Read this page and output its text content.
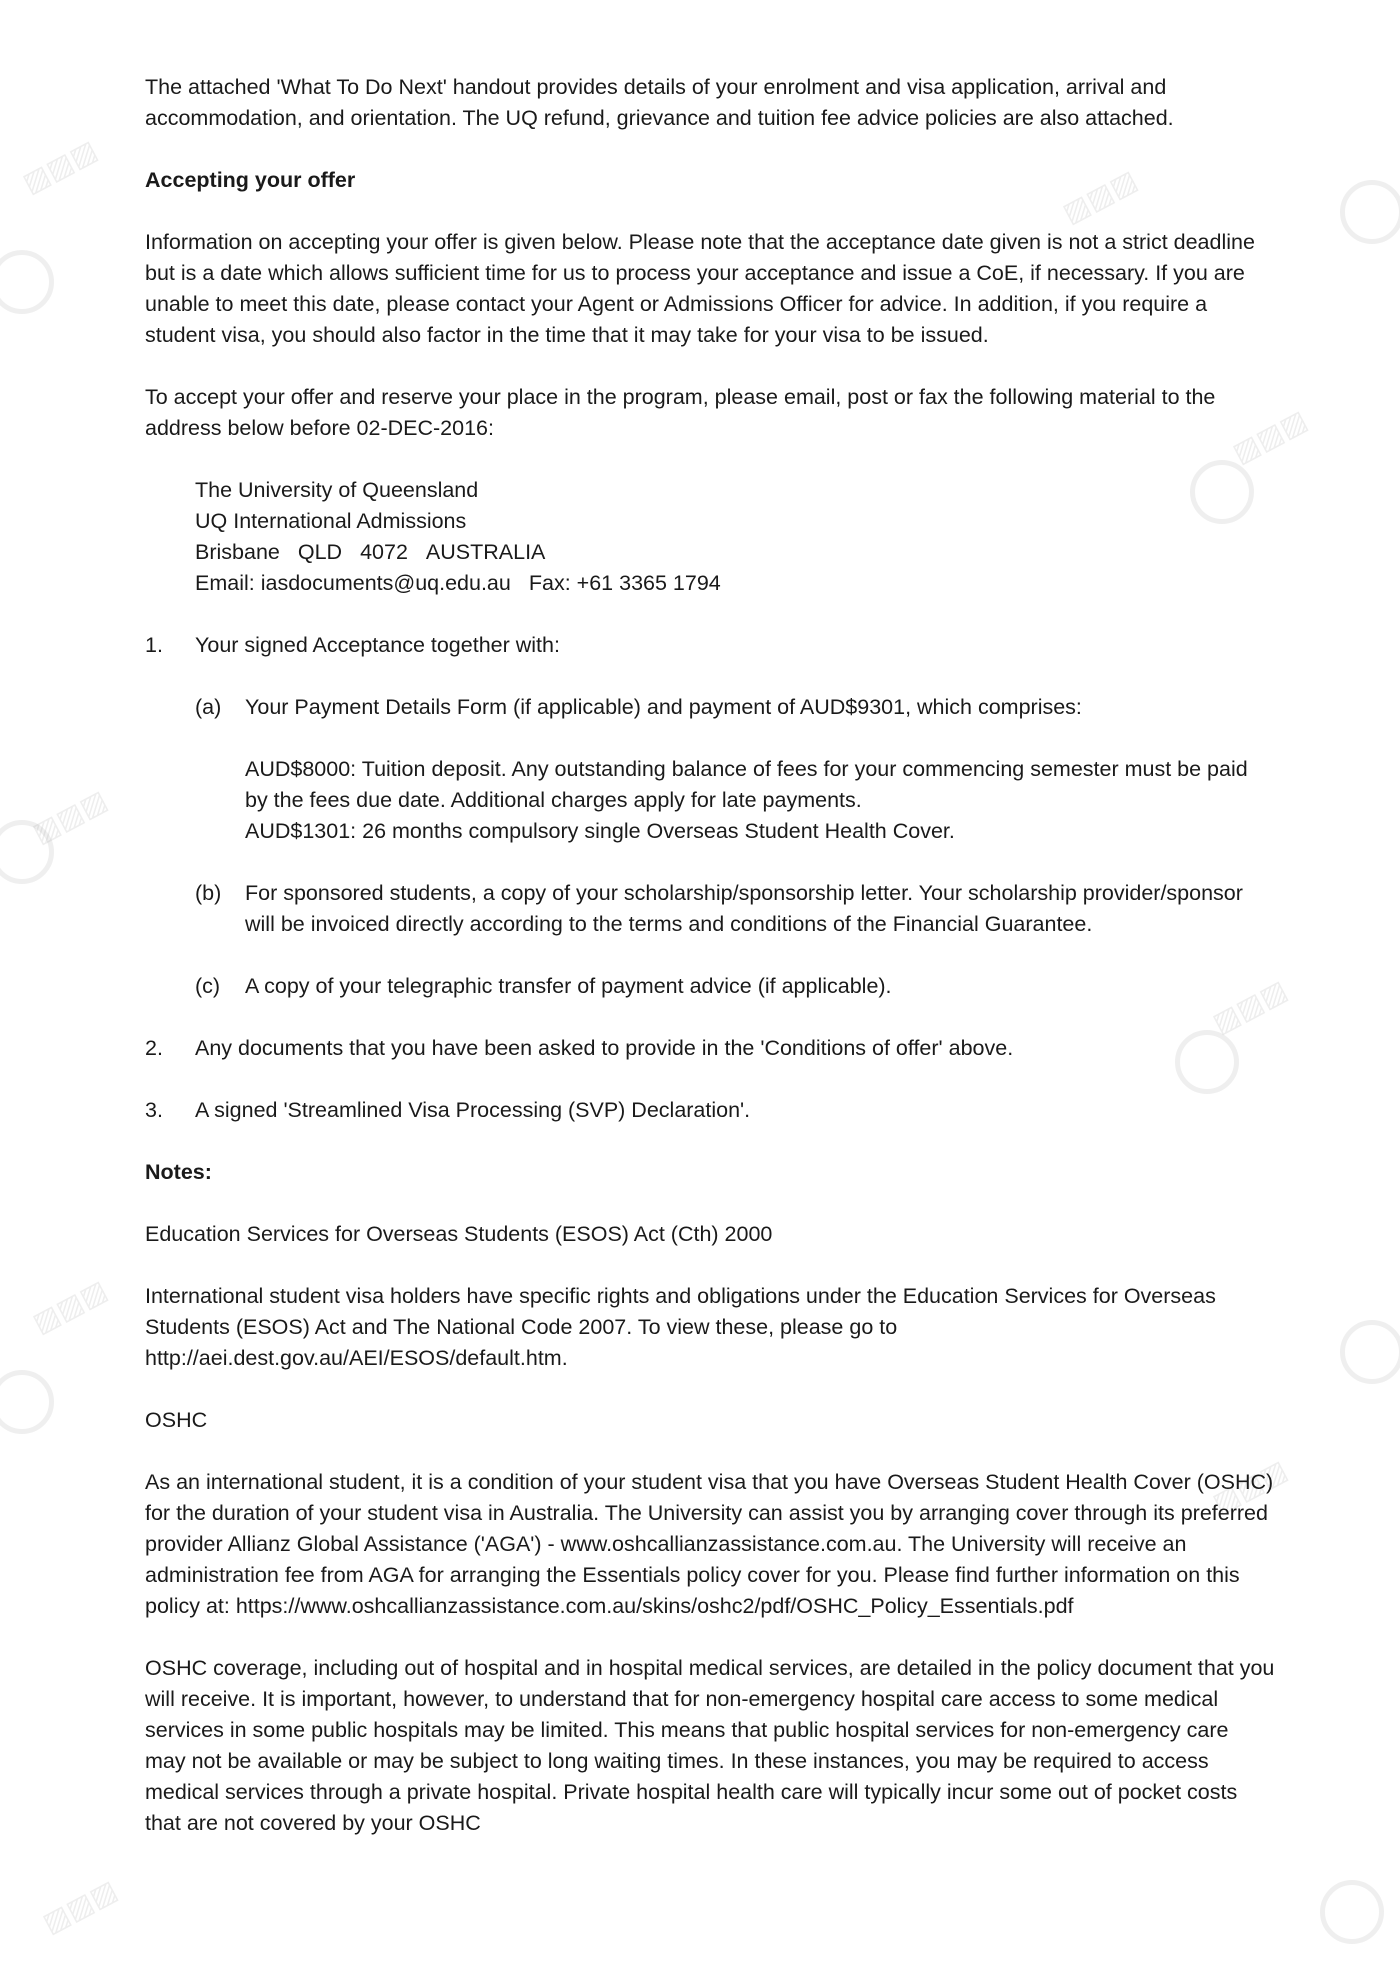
▨▨▨	▨▨▨
▨▨▨
▨▨▨
▨▨▨
▨▨▨
▨▨▨
▨▨▨

The attached 'What To Do Next' handout provides details of your enrolment and visa application, arrival and accommodation, and orientation. The UQ refund, grievance and tuition fee advice policies are also attached.

Accepting your offer

Information on accepting your offer is given below. Please note that the acceptance date given is not a strict deadline but is a date which allows sufficient time for us to process your acceptance and issue a CoE, if necessary. If you are unable to meet this date, please contact your Agent or Admissions Officer for advice. In addition, if you require a student visa, you should also factor in the time that it may take for your visa to be issued.

To accept your offer and reserve your place in the program, please email, post or fax the following material to the address below before 02-DEC-2016:

The University of Queensland
UQ International Admissions
Brisbane QLD 4072 AUSTRALIA
Email: iasdocuments@uq.edu.au Fax: +61 3365 1794
1.	Your signed Acceptance together with:
(a)	Your Payment Details Form (if applicable) and payment of AUD$9301, which comprises:

AUD$8000: Tuition deposit. Any outstanding balance of fees for your commencing semester must be paid by the fees due date. Additional charges apply for late payments.

AUD$1301: 26 months compulsory single Overseas Student Health Cover.

(b)	For sponsored students, a copy of your scholarship/sponsorship letter. Your scholarship provider/sponsor will be invoiced directly according to the terms and conditions of the Financial Guarantee.
(c)	A copy of your telegraphic transfer of payment advice (if applicable).
2.	Any documents that you have been asked to provide in the 'Conditions of offer' above.
3.	A signed 'Streamlined Visa Processing (SVP) Declaration'.

Notes:

Education Services for Overseas Students (ESOS) Act (Cth) 2000

International student visa holders have specific rights and obligations under the Education Services for Overseas Students (ESOS) Act and The National Code 2007. To view these, please go to http://aei.dest.gov.au/AEI/ESOS/default.htm.

OSHC

As an international student, it is a condition of your student visa that you have Overseas Student Health Cover (OSHC) for the duration of your student visa in Australia. The University can assist you by arranging cover through its preferred provider Allianz Global Assistance ('AGA') - www.oshcallianzassistance.com.au. The University will receive an administration fee from AGA for arranging the Essentials policy cover for you. Please find further information on this policy at: https://www.oshcallianzassistance.com.au/skins/oshc2/pdf/OSHC_Policy_Essentials.pdf

OSHC coverage, including out of hospital and in hospital medical services, are detailed in the policy document that you will receive. It is important, however, to understand that for non-emergency hospital care access to some medical services in some public hospitals may be limited. This means that public hospital services for non-emergency care may not be available or may be subject to long waiting times. In these instances, you may be required to access medical services through a private hospital. Private hospital health care will typically incur some out of pocket costs that are not covered by your OSHC
